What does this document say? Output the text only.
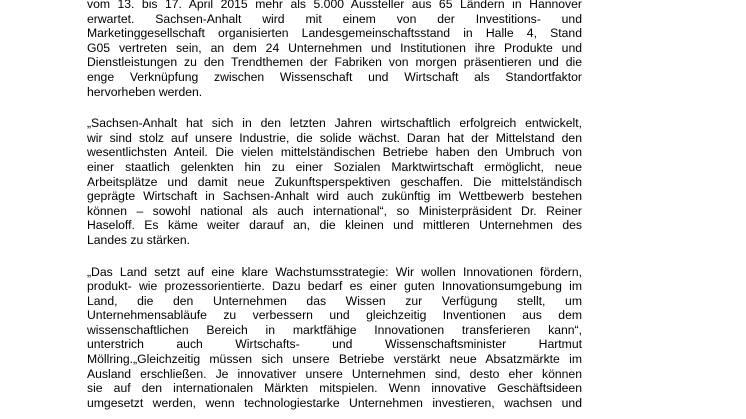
vom 13. bis 17. April 2015 mehr als 5.000 Aussteller aus 65 Ländern in Hannover
erwartet. Sachsen-Anhalt wird mit einem von der Investitions- und
Marketinggesellschaft organisierten Landesgemeinschaftsstand in Halle 4, Stand
G05 vertreten sein, an dem 24 Unternehmen und Institutionen ihre Produkte und
Dienstleistungen zu den Trendthemen der Fabriken von morgen präsentieren und die
enge Verknüpfung zwischen Wissenschaft und Wirtschaft als Standortfaktor
hervorheben werden.

„Sachsen-Anhalt hat sich in den letzten Jahren wirtschaftlich erfolgreich entwickelt,
wir sind stolz auf unsere Industrie, die solide wächst. Daran hat der Mittelstand den
wesentlichsten Anteil. Die vielen mittelständischen Betriebe haben den Umbruch von
einer staatlich gelenkten hin zu einer Sozialen Marktwirtschaft ermöglicht, neue
Arbeitsplätze und damit neue Zukunftsperspektiven geschaffen. Die mittelständisch
geprägte Wirtschaft in Sachsen-Anhalt wird auch zukünftig im Wettbewerb bestehen
können – sowohl national als auch international“, so Ministerpräsident Dr. Reiner
Haseloff. Es käme weiter darauf an, die kleinen und mittleren Unternehmen des
Landes zu stärken.

„Das Land setzt auf eine klare Wachstumsstrategie: Wir wollen Innovationen fördern,
produkt- wie prozessorientierte. Dazu bedarf es einer guten Innovationsumgebung im
Land, die den Unternehmen das Wissen zur Verfügung stellt, um
Unternehmensabläufe zu verbessern und gleichzeitig Inventionen aus dem
wissenschaftlichen Bereich in marktfähige Innovationen transferieren kann“,
unterstrich auch Wirtschafts- und Wissenschaftsminister Hartmut
Möllring.„Gleichzeitig müssen sich unsere Betriebe verstärkt neue Absatzmärkte im
Ausland erschließen. Je innovativer unsere Unternehmen sind, desto eher können
sie auf den internationalen Märkten mitspielen. Wenn innovative Geschäftsideen
umgesetzt werden, wenn technologiestarke Unternehmen investieren, wachsen und
